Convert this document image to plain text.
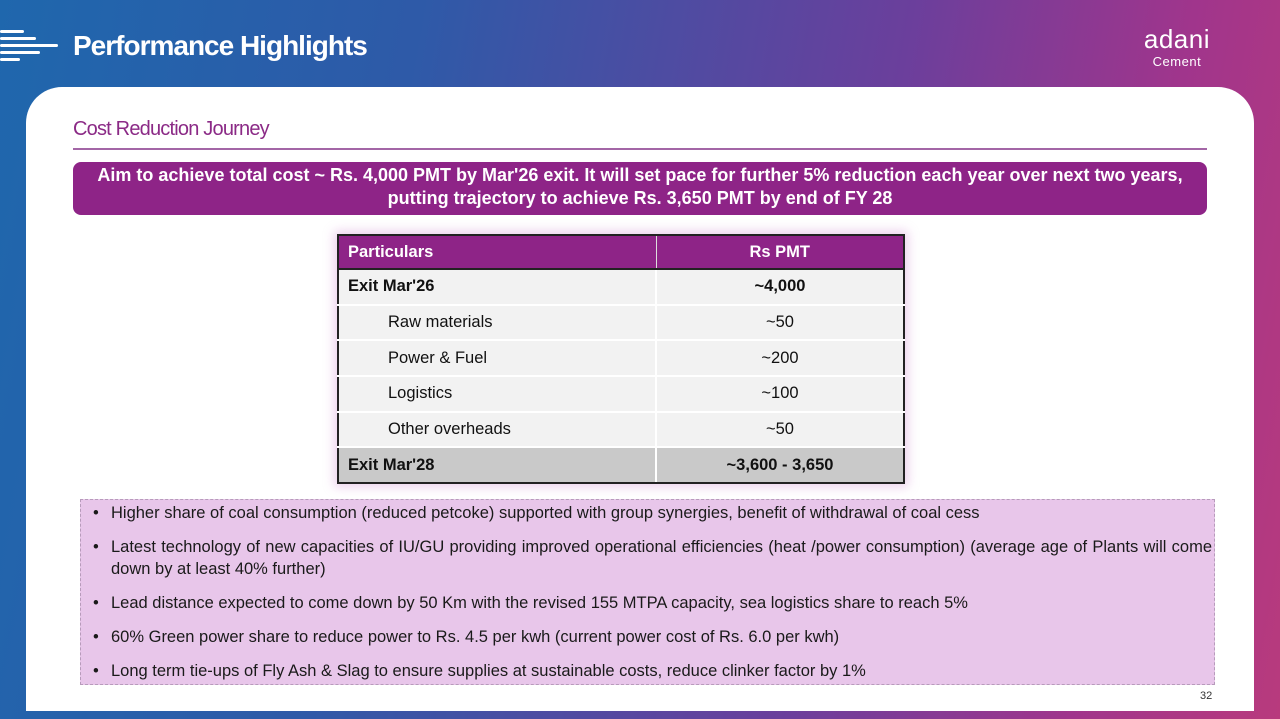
Performance Highlights	adani
Cement
Cost Reduction Journey
Aim to achieve total cost ~ Rs. 4,000 PMT by Mar'26 exit. It will set pace for further 5% reduction each year over next two years, putting trajectory to achieve Rs. 3,650 PMT by end of FY 28
Particulars	Rs PMT
Exit Mar'26	~4,000
Raw materials	~50
Power & Fuel	~200
Logistics	~100
Other overheads	~50
Exit Mar'28	~3,600 - 3,650
• Higher share of coal consumption (reduced petcoke) supported with group synergies, benefit of withdrawal of coal cess
• Latest technology of new capacities of IU/GU providing improved operational efficiencies (heat /power consumption) (average age of Plants will come down by at least 40% further)
• Lead distance expected to come down by 50 Km with the revised 155 MTPA capacity, sea logistics share to reach 5%
• 60% Green power share to reduce power to Rs. 4.5 per kwh (current power cost of Rs. 6.0 per kwh)
• Long term tie-ups of Fly Ash & Slag to ensure supplies at sustainable costs, reduce clinker factor by 1%
32
